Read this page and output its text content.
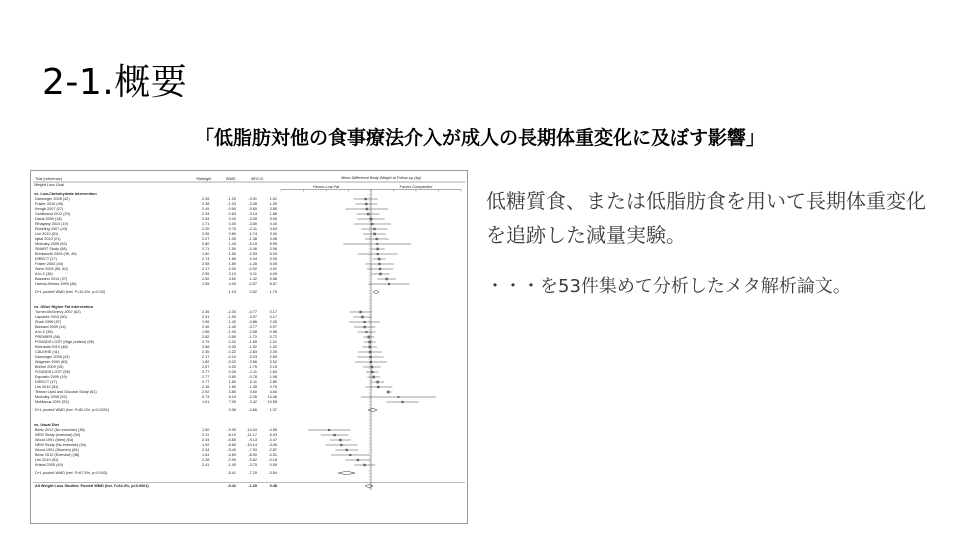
2-1.概要
「低脂肪対他の食事療法介入が成人の長期体重変化に及ぼす影響」
Trial (reference)	%Weight	WMD	95% CI	Mean Difference Body Weight at Follow-up (kg)
Weight Loss Goal	Favors Low-Fat	Favors Comparator
vs. Low-Carbohydrate Intervention
Dansinger 2005 (42)	2.26	-1.20	-3.91	1.51
Foster 2010 (45)	2.38	-1.03	-3.45	1.39
Keogh 2007 (27)	2.49	-0.90	-5.65	3.85
Guldbrand 2012 (20)	2.34	-0.63	-3.14	1.88
Davis 2009 (18)	2.53	0.00	-3.05	3.05
Elhayany 2010 (19)	1.71	0.30	-3.80	4.40
Ebbeling 2007 (43)	2.20	0.76	-2.11	3.63
Lim 2010 (51)	2.55	0.80	-1.74	3.34
Iqbal 2010 (21)	2.27	1.30	-1.38	3.98
McAuley 2006 (52)	0.80	1.40	-6.15	8.95
SMART Study (58)	2.71	1.50	-0.06	3.06
Brinkworth 2009 (39, 40)	1.60	1.50	-2.93	5.93
DIRECT (17)	2.74	1.80	0.34	3.26
Foster 2003 (44)	2.08	1.89	-1.28	5.05
Stern 2004 (59, 60)	2.17	2.00	-0.92	4.92
A to Z (36)	2.55	2.10	0.11	4.09
Bazzano 2014 (37)	2.52	3.50	1.42	5.58
Harvey-Berino 1999 (46)	1.55	4.00	-0.57	8.57
D+L pooled WMD (het. I²=10.4%, p=0.33)	1.15	0.52	1.79
vs. Other Higher Fat Intervention
Turner-McGrievy 2007 (62)	2.36	-2.30	-4.77	0.17
Lapointe 2010 (50)	2.51	-1.90	-3.97	0.17
Shah 1996 (57)	1.96	-1.42	-4.86	2.05
Barnard 2009 (14)	2.40	-1.40	-3.77	0.97
A to Z (36)	1.56	-1.00	-2.98	0.98
PREMIER (56)	2.82	-0.50	-1.72	0.72
POUNDS LOST (High protein) (55)	2.79	-0.32	-1.65	1.01
Kleinsdal 2010 (48)	2.68	-0.30	-1.92	1.32
CALERIE (41)	2.30	-0.22	-2.83	2.39
Dansinger 2005 (42)	2.17	-0.10	-3.03	2.83
Wagener 1990 (63)	1.82	-0.02	-3.56	3.52
Brehm 2009 (15)	2.57	0.20	-1.75	2.15
POUNDS LOST (55)	2.77	0.26	-1.11	1.63
Esposito 2009 (19)	2.77	0.60	-0.78	1.98
DIRECT (17)	2.77	1.50	0.11	2.89
Lim 2010 (51)	2.16	1.60	-1.35	4.75
Tehran Lipid and Glucose Study (61)	2.92	3.80	3.60	4.60
McAuley 2006 (52)	0.73	6.10	-2.26	14.46
McManus 2001 (53)	1.91	7.00	3.42	10.58
D+L pooled WMD (het. I²=82.0%, p<0.0001)	0.36	-0.66	1.37
vs. Usual Diet
Bertz 2012 (No exercise) (38)	1.50	-9.30	-14.04	-4.56
NEW Study (exercise) (54)	2.11	-8.10	-11.17	-5.03
Wood 1991 (Men) (64)	2.34	-6.80	-9.13	-4.47
NEW Study (No exercise) (54)	1.92	-6.60	-10.14	-3.06
Wood 1991 (Women) (64)	2.34	-5.40	-7.93	-2.87
Bertz 2012 (Exercise) (38)	1.64	-4.60	-8.90	-0.31
Lim 2010 (51)	2.26	-2.90	-5.62	-0.18
Kristal 2005 (49)	2.41	-1.40	-3.75	0.95
D+L pooled WMD (het. I²=67.5%, p=0.003)	-5.41	-7.29	-3.54
All Weight Loss Studies: Pooled WMD (het. I²=64.3%, p<0.0001)	-0.41	-1.29	0.48
低糖質食、または低脂肪食を用いて長期体重変化を追跡した減量実験。
・・・を53件集めて分析したメタ解析論文。
